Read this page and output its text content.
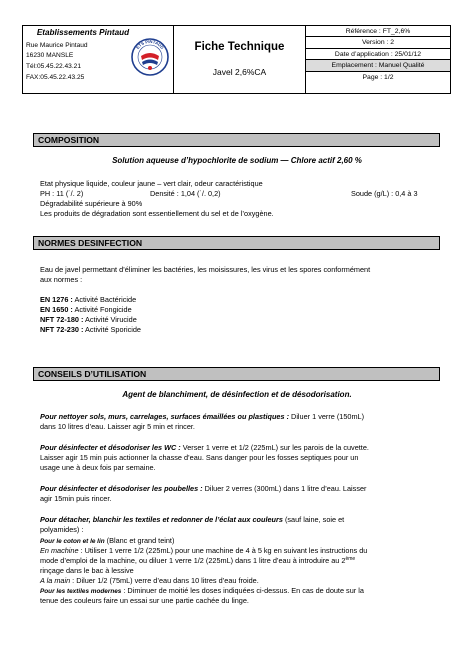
Etablissements Pintaud
Rue Maurice Pintaud
16230 MANSLE
Tél:05.45.22.43.21
FAX:05.45.22.43.25
ETS PINTAUD	Fiche Technique
Javel 2,6%CA
Référence : FT_2,6%
Version : 2
Date d’application : 25/01/12
Emplacement : Manuel Qualité
Page : 1/2
COMPOSITION
Solution aqueuse d’hypochlorite de sodium — Chlore actif 2,60 %
Etat physique liquide, couleur jaune – vert clair, odeur caractéristique
PH : 11 (˙/. 2)	Densité : 1,04 (˙/. 0,2)	Soude (g/L) : 0,4 à 3
Dégradabilité supérieure à 90%
Les produits de dégradation sont essentiellement du sel et de l’oxygène.
NORMES DESINFECTION
Eau de javel permettant d’éliminer les bactéries, les moisissures, les virus et les spores conformément
aux normes :
EN 1276 : Activité Bactéricide
EN 1650 : Activité Fongicide
NFT 72-180 : Activité Virucide
NFT 72-230 : Activité Sporicide
CONSEILS D’UTILISATION
Agent de blanchiment, de désinfection et de désodorisation.
Pour nettoyer sols, murs, carrelages, surfaces émaillées ou plastiques : Diluer 1 verre (150mL)
dans 10 litres d’eau. Laisser agir 5 min et rincer.
Pour désinfecter et désodoriser les WC : Verser 1 verre et 1/2 (225mL) sur les parois de la cuvette.
Laisser agir 15 min puis actionner la chasse d’eau. Sans danger pour les fosses septiques pour un
usage une à deux fois par semaine.
Pour désinfecter et désodoriser les poubelles : Diluer 2 verres (300mL) dans 1 litre d’eau. Laisser
agir 15min puis rincer.
Pour détacher, blanchir les textiles et redonner de l’éclat aux couleurs (sauf laine, soie et
polyamides) :
Pour le coton et le lin (Blanc et grand teint)
En machine : Utiliser 1 verre 1/2 (225mL) pour une machine de 4 à 5 kg en suivant les instructions du
mode d’emploi de la machine, ou diluer 1 verre 1/2 (225mL) dans 1 litre d’eau à introduire au 2ème
rinçage dans le bac à lessive
A la main : Diluer 1/2 (75mL) verre d’eau dans 10 litres d’eau froide.
Pour les textiles modernes : Diminuer de moitié les doses indiquées ci-dessus. En cas de doute sur la
tenue des couleurs faire un essai sur une partie cachée du linge.
